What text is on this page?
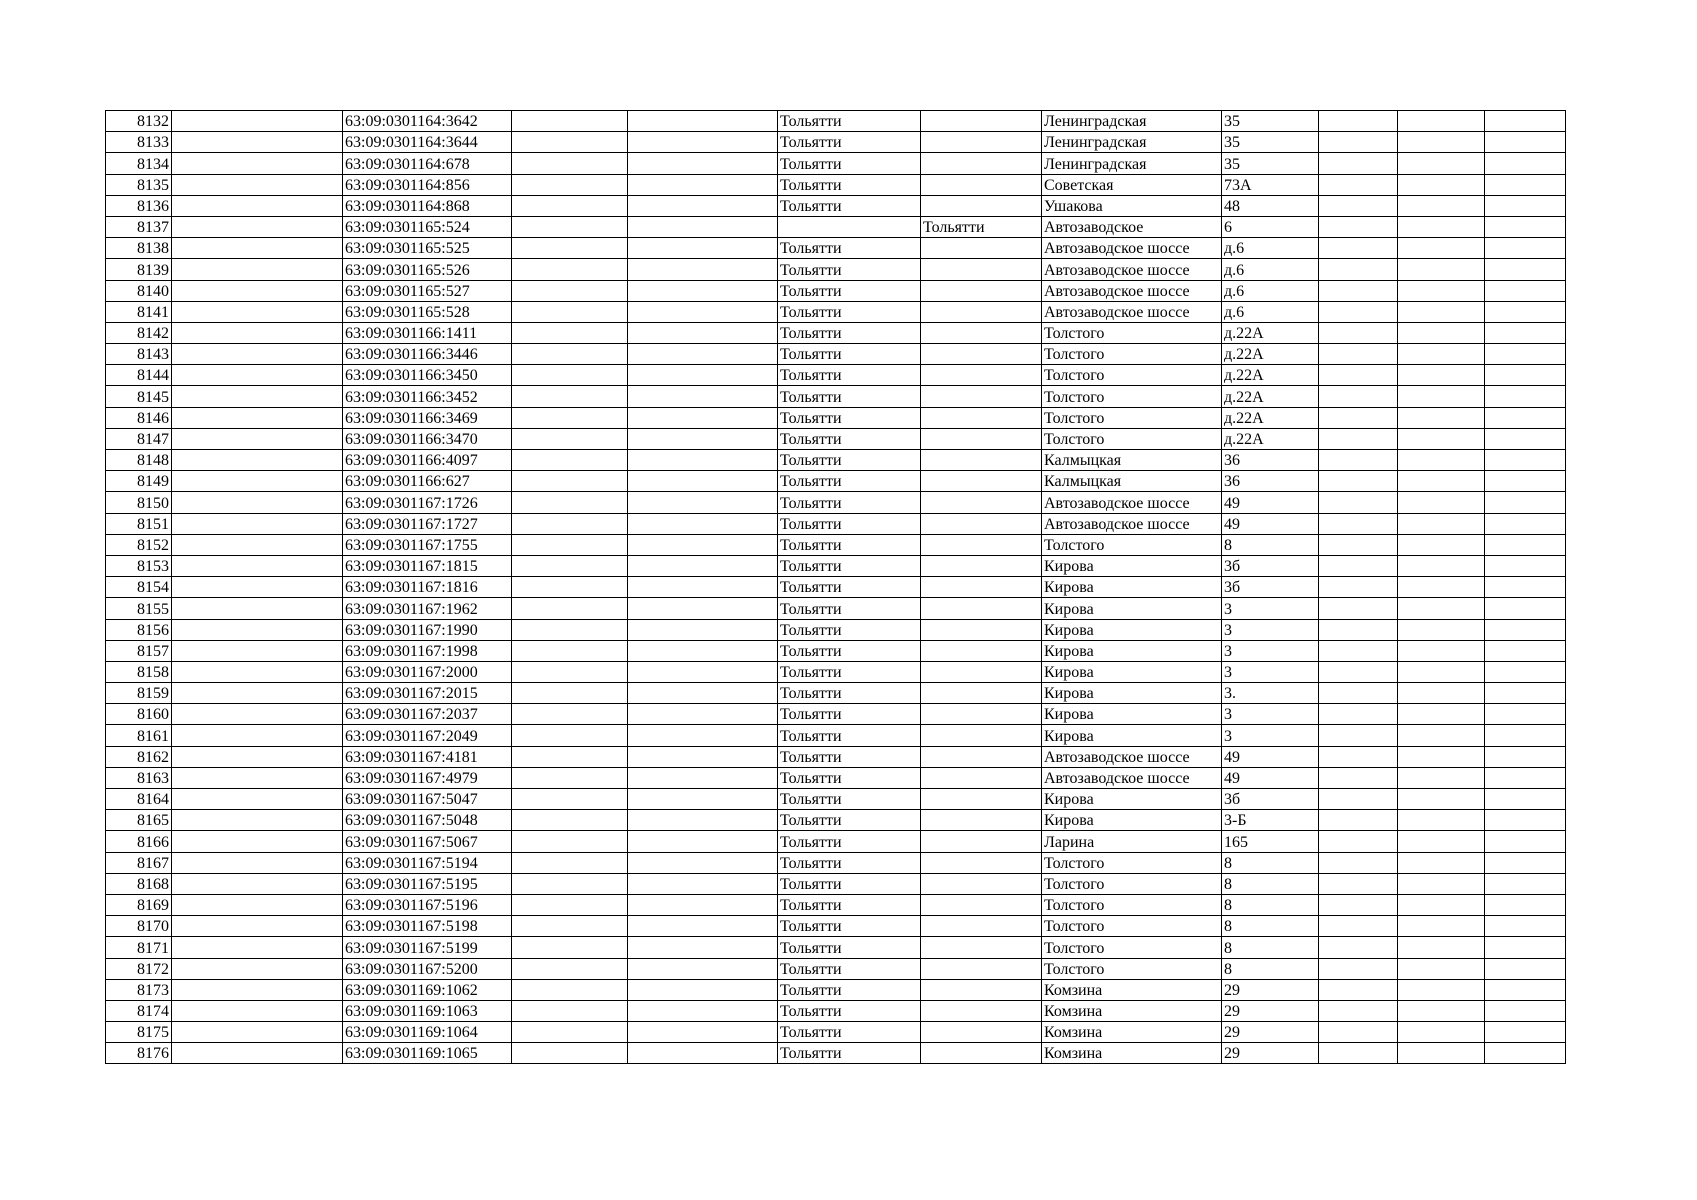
8132		63:09:0301164:3642			Тольятти		Ленинградская	35			
8133		63:09:0301164:3644			Тольятти		Ленинградская	35			
8134		63:09:0301164:678			Тольятти		Ленинградская	35			
8135		63:09:0301164:856			Тольятти		Советская	73А			
8136		63:09:0301164:868			Тольятти		Ушакова	48			
8137		63:09:0301165:524				Тольятти	Автозаводское	6			
8138		63:09:0301165:525			Тольятти		Автозаводское шоссе	д.6			
8139		63:09:0301165:526			Тольятти		Автозаводское шоссе	д.6			
8140		63:09:0301165:527			Тольятти		Автозаводское шоссе	д.6			
8141		63:09:0301165:528			Тольятти		Автозаводское шоссе	д.6			
8142		63:09:0301166:1411			Тольятти		Толстого	д.22А			
8143		63:09:0301166:3446			Тольятти		Толстого	д.22А			
8144		63:09:0301166:3450			Тольятти		Толстого	д.22А			
8145		63:09:0301166:3452			Тольятти		Толстого	д.22А			
8146		63:09:0301166:3469			Тольятти		Толстого	д.22А			
8147		63:09:0301166:3470			Тольятти		Толстого	д.22А			
8148		63:09:0301166:4097			Тольятти		Калмыцкая	36			
8149		63:09:0301166:627			Тольятти		Калмыцкая	36			
8150		63:09:0301167:1726			Тольятти		Автозаводское шоссе	49			
8151		63:09:0301167:1727			Тольятти		Автозаводское шоссе	49			
8152		63:09:0301167:1755			Тольятти		Толстого	8			
8153		63:09:0301167:1815			Тольятти		Кирова	3б			
8154		63:09:0301167:1816			Тольятти		Кирова	3б			
8155		63:09:0301167:1962			Тольятти		Кирова	3			
8156		63:09:0301167:1990			Тольятти		Кирова	3			
8157		63:09:0301167:1998			Тольятти		Кирова	3			
8158		63:09:0301167:2000			Тольятти		Кирова	3			
8159		63:09:0301167:2015			Тольятти		Кирова	3.			
8160		63:09:0301167:2037			Тольятти		Кирова	3			
8161		63:09:0301167:2049			Тольятти		Кирова	3			
8162		63:09:0301167:4181			Тольятти		Автозаводское шоссе	49			
8163		63:09:0301167:4979			Тольятти		Автозаводское шоссе	49			
8164		63:09:0301167:5047			Тольятти		Кирова	3б			
8165		63:09:0301167:5048			Тольятти		Кирова	3-Б			
8166		63:09:0301167:5067			Тольятти		Ларина	165			
8167		63:09:0301167:5194			Тольятти		Толстого	8			
8168		63:09:0301167:5195			Тольятти		Толстого	8			
8169		63:09:0301167:5196			Тольятти		Толстого	8			
8170		63:09:0301167:5198			Тольятти		Толстого	8			
8171		63:09:0301167:5199			Тольятти		Толстого	8			
8172		63:09:0301167:5200			Тольятти		Толстого	8			
8173		63:09:0301169:1062			Тольятти		Комзина	29			
8174		63:09:0301169:1063			Тольятти		Комзина	29			
8175		63:09:0301169:1064			Тольятти		Комзина	29			
8176		63:09:0301169:1065			Тольятти		Комзина	29			
